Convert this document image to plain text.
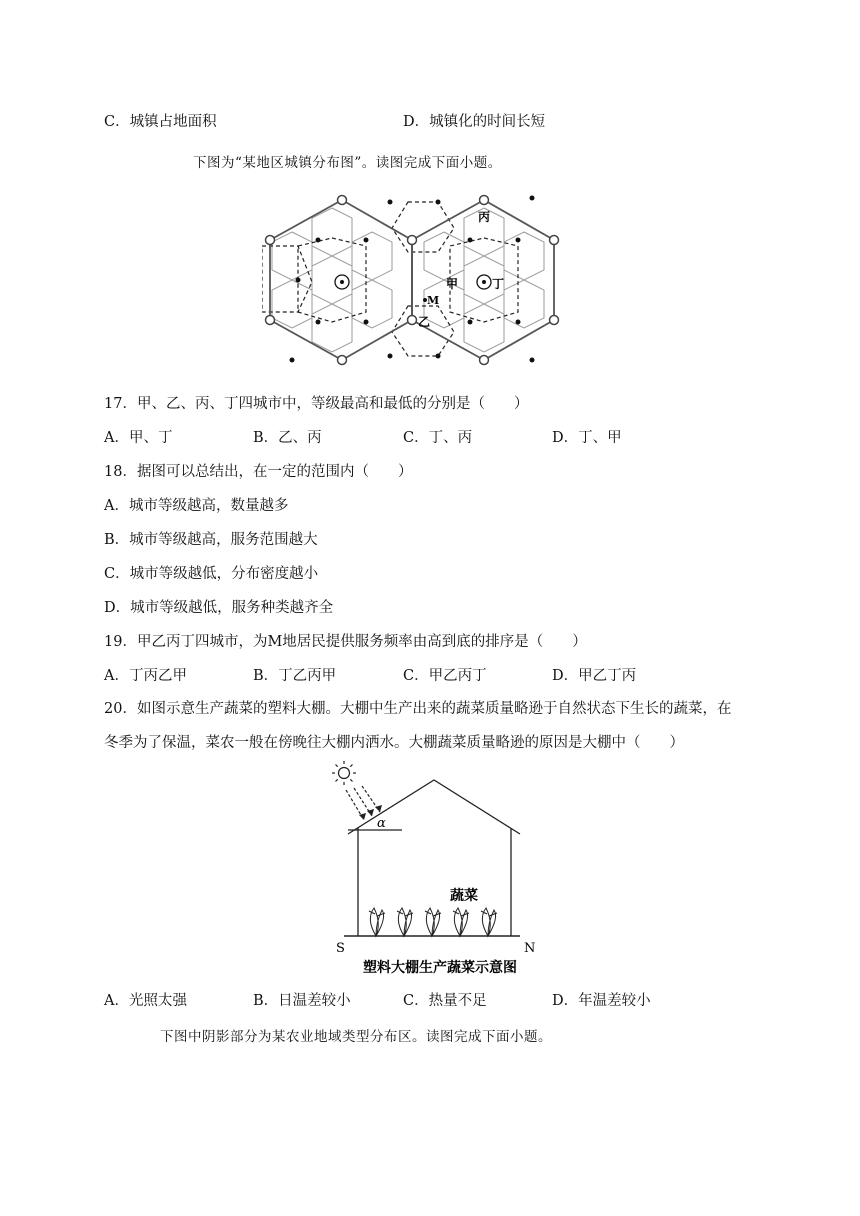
C．城镇占地面积	D．城镇化的时间长短
下图为“某地区城镇分布图”。读图完成下面小题。
丙
甲
M
丁
乙
17．甲、乙、丙、丁四城市中，等级最高和最低的分别是（　　）
A．甲、丁	B．乙、丙	C．丁、丙	D．丁、甲
18．据图可以总结出，在一定的范围内（　　）
A．城市等级越高，数量越多
B．城市等级越高，服务范围越大
C．城市等级越低，分布密度越小
D．城市等级越低，服务种类越齐全
19．甲乙丙丁四城市，为M地居民提供服务频率由高到底的排序是（　　）
A．丁丙乙甲	B．丁乙丙甲	C．甲乙丙丁	D．甲乙丁丙
20．如图示意生产蔬菜的塑料大棚。大棚中生产出来的蔬菜质量略逊于自然状态下生长的蔬菜，在
冬季为了保温，菜农一般在傍晚往大棚内洒水。大棚蔬菜质量略逊的原因是大棚中（　　）
α
蔬菜
S	N
塑料大棚生产蔬菜示意图
A．光照太强	B．日温差较小	C．热量不足	D．年温差较小
下图中阴影部分为某农业地域类型分布区。读图完成下面小题。
